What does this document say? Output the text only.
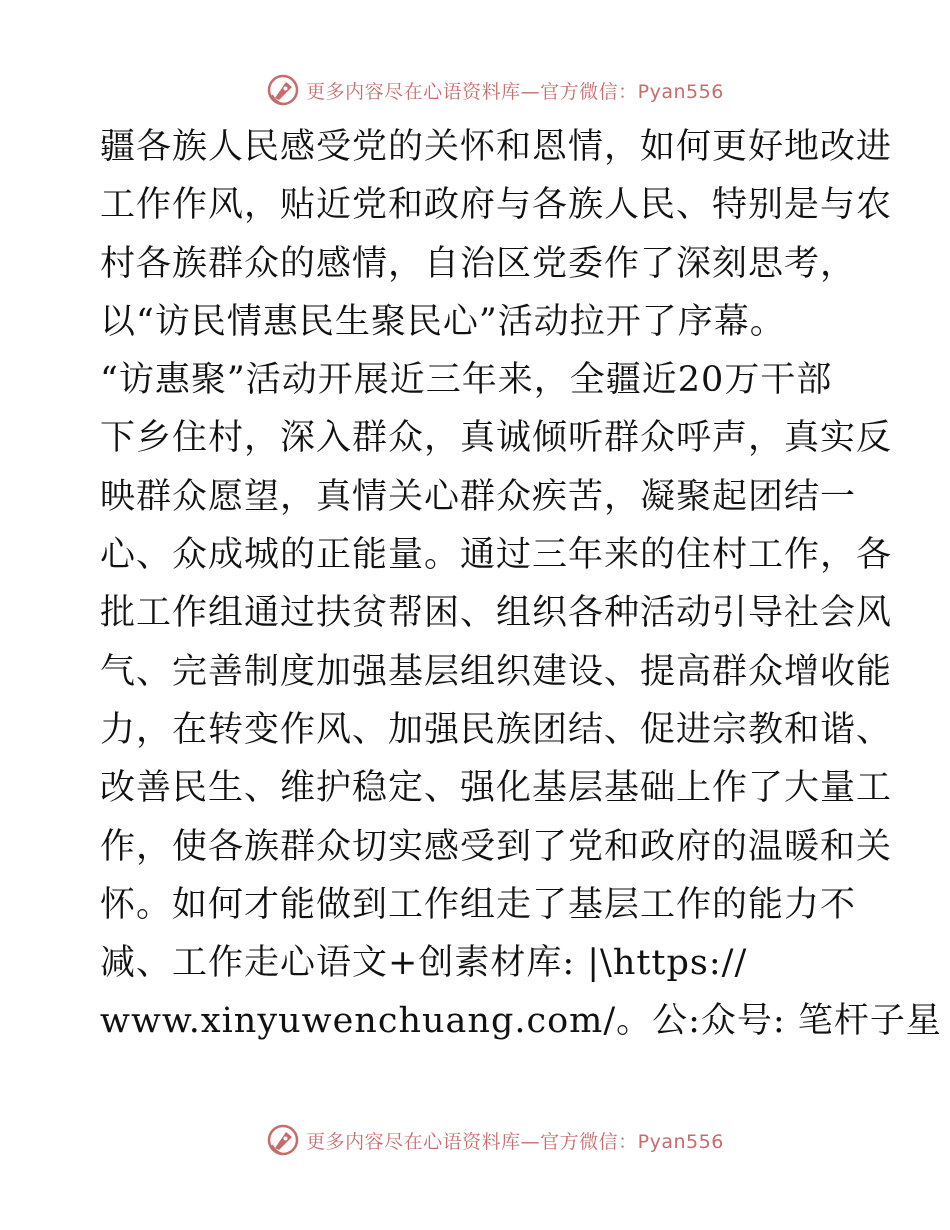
更多内容尽在心语资料库—官方微信：Pyan556
疆各族人民感受党的关怀和恩情，如何更好地改进
工作作风，贴近党和政府与各族人民、特别是与农
村各族群众的感情，自治区党委作了深刻思考，
以“访民情惠民生聚民心”活动拉开了序幕。
“访惠聚”活动开展近三年来，全疆近20万干部
下乡住村，深入群众，真诚倾听群众呼声，真实反
映群众愿望，真情关心群众疾苦，凝聚起团结一
心、众成城的正能量。通过三年来的住村工作，各
批工作组通过扶贫帮困、组织各种活动引导社会风
气、完善制度加强基层组织建设、提高群众增收能
力，在转变作风、加强民族团结、促进宗教和谐、
改善民生、维护稳定、强化基层基础上作了大量工
作，使各族群众切实感受到了党和政府的温暖和关
怀。如何才能做到工作组走了基层工作的能力不
减、工作走心语文+创素材库: |\https://
www.xinyuwenchuang.com/。公:众号: 笔杆子星
更多内容尽在心语资料库—官方微信：Pyan556
